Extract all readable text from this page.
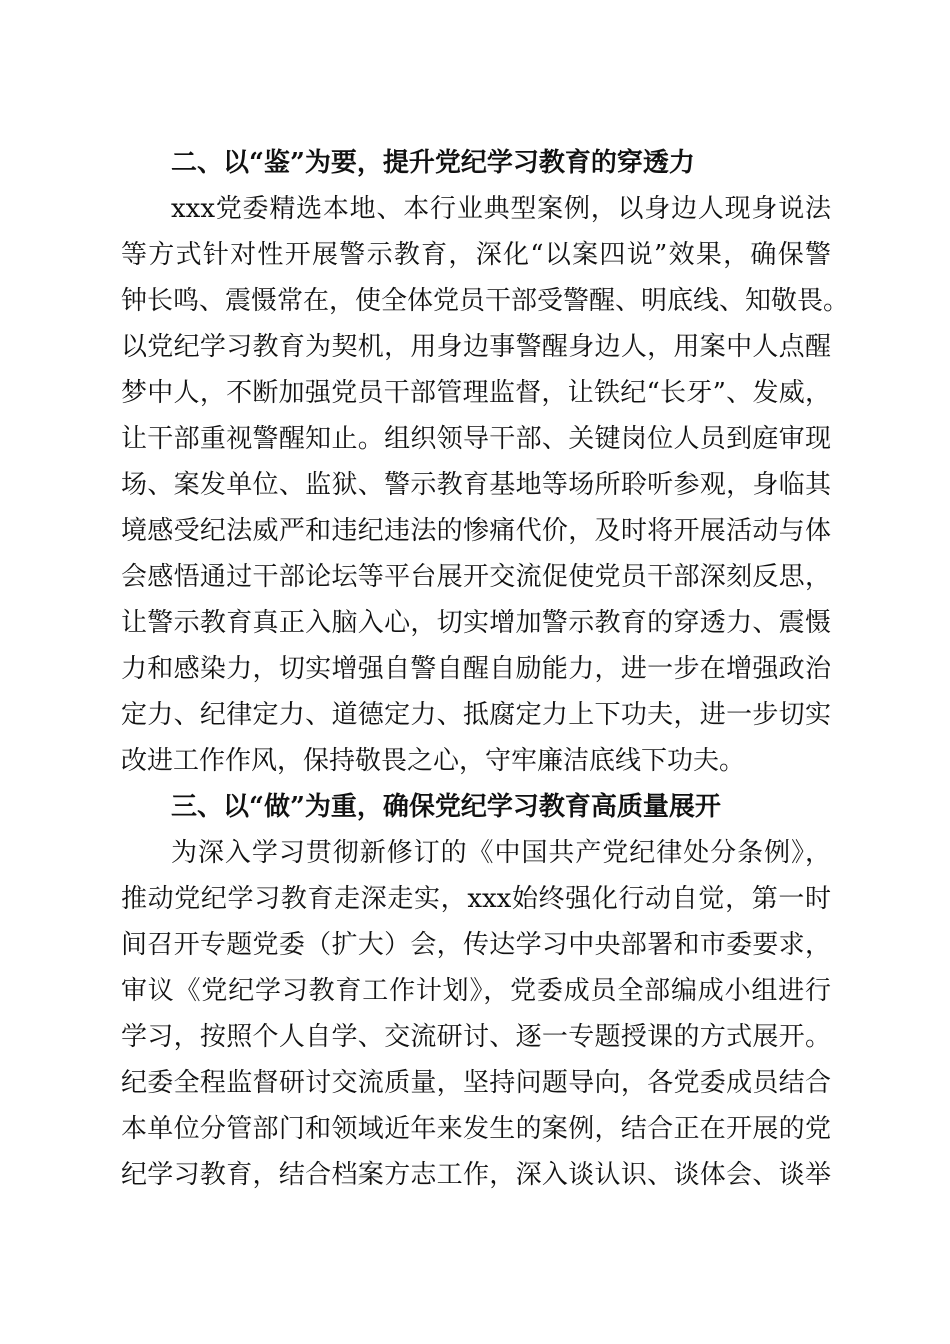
二、以“鉴”为要，提升党纪学习教育的穿透力
xxx党委精选本地、本行业典型案例，以身边人现身说法
等方式针对性开展警示教育，深化“以案四说”效果，确保警
钟长鸣、震慑常在，使全体党员干部受警醒、明底线、知敬畏。
以党纪学习教育为契机，用身边事警醒身边人，用案中人点醒
梦中人，不断加强党员干部管理监督，让铁纪“长牙”、发威，
让干部重视警醒知止。组织领导干部、关键岗位人员到庭审现
场、案发单位、监狱、警示教育基地等场所聆听参观，身临其
境感受纪法威严和违纪违法的惨痛代价，及时将开展活动与体
会感悟通过干部论坛等平台展开交流促使党员干部深刻反思，
让警示教育真正入脑入心，切实增加警示教育的穿透力、震慑
力和感染力，切实增强自警自醒自励能力，进一步在增强政治
定力、纪律定力、道德定力、抵腐定力上下功夫，进一步切实
改进工作作风，保持敬畏之心，守牢廉洁底线下功夫。
三、以“做”为重，确保党纪学习教育高质量展开
为深入学习贯彻新修订的《中国共产党纪律处分条例》，
推动党纪学习教育走深走实，xxx始终强化行动自觉，第一时
间召开专题党委（扩大）会，传达学习中央部署和市委要求，
审议《党纪学习教育工作计划》，党委成员全部编成小组进行
学习，按照个人自学、交流研讨、逐一专题授课的方式展开。
纪委全程监督研讨交流质量，坚持问题导向，各党委成员结合
本单位分管部门和领域近年来发生的案例，结合正在开展的党
纪学习教育，结合档案方志工作，深入谈认识、谈体会、谈举
